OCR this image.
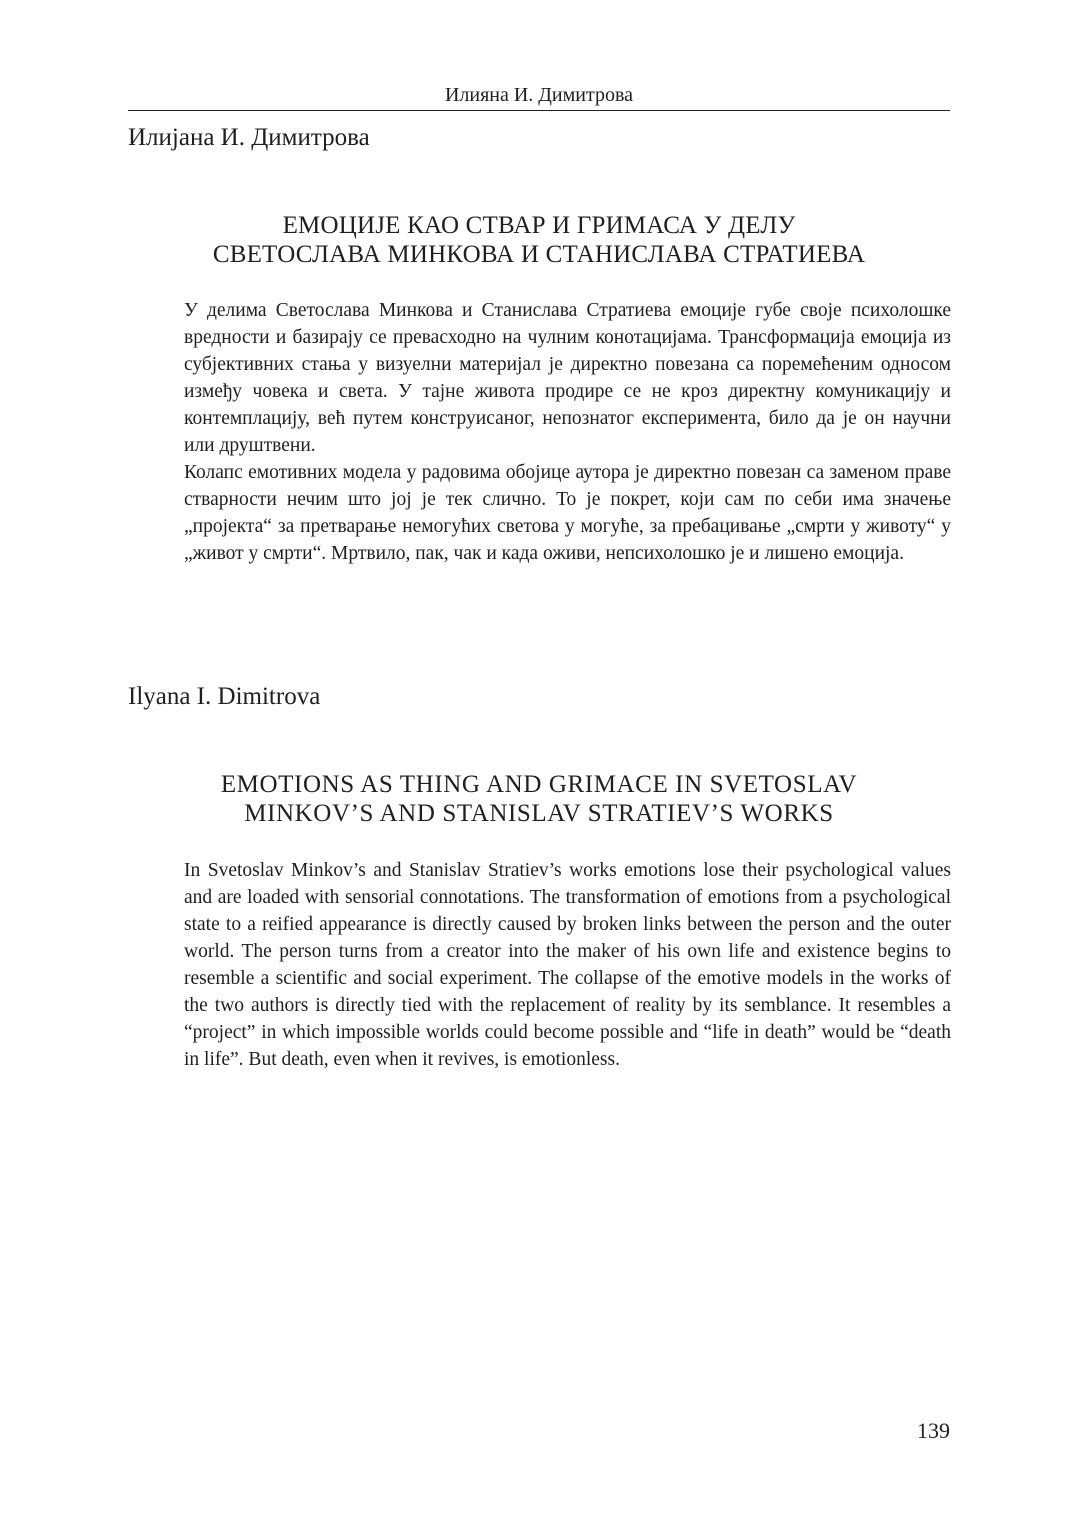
Илияна И. Димитрова
Илијана И. Димитрова
ЕМОЦИЈЕ КАО СТВАР И ГРИМАСА У ДЕЛУ
СВЕТОСЛАВА МИНКОВА И СТАНИСЛАВА СТРАТИЕВА

У делима Светослава Минкова и Станислава Стратиева емоције губе своје психолошке вредности и базирају се превасходно на чулним конотацијама. Трансформација емоција из субјективних стања у визуелни материјал је директно повезана са поремећеним односом између човека и света. У тајне живота продире се не кроз директну комуникацију и контемплацију, већ путем конструисаног, непознатог експеримента, било да је он научни или друштвени.

Колапс емотивних модела у радовима обојице аутора је директно повезан са заменом праве стварности нечим што јој је тек слично. То је покрет, који сам по себи има значење „пројекта“ за претварање немогућих светова у могуће, за пребацивање „смрти у животу“ у „живот у смрти“. Мртвило, пак, чак и када оживи, непсихолошко је и лишено емоција.

Ilyana I. Dimitrova
EMOTIONS AS THING AND GRIMACE IN SVETOSLAV
MINKOV’S AND STANISLAV STRATIEV’S WORKS

In Svetoslav Minkov’s and Stanislav Stratiev’s works emotions lose their psychological values and are loaded with sensorial connotations. The transformation of emotions from a psychological state to a reified appearance is directly caused by broken links between the person and the outer world. The person turns from a creator into the maker of his own life and existence begins to resemble a scientific and social experiment. The collapse of the emotive models in the works of the two authors is directly tied with the replacement of reality by its semblance. It resembles a “project” in which impossible worlds could become possible and “life in death” would be “death in life”. But death, even when it revives, is emotionless.

139
